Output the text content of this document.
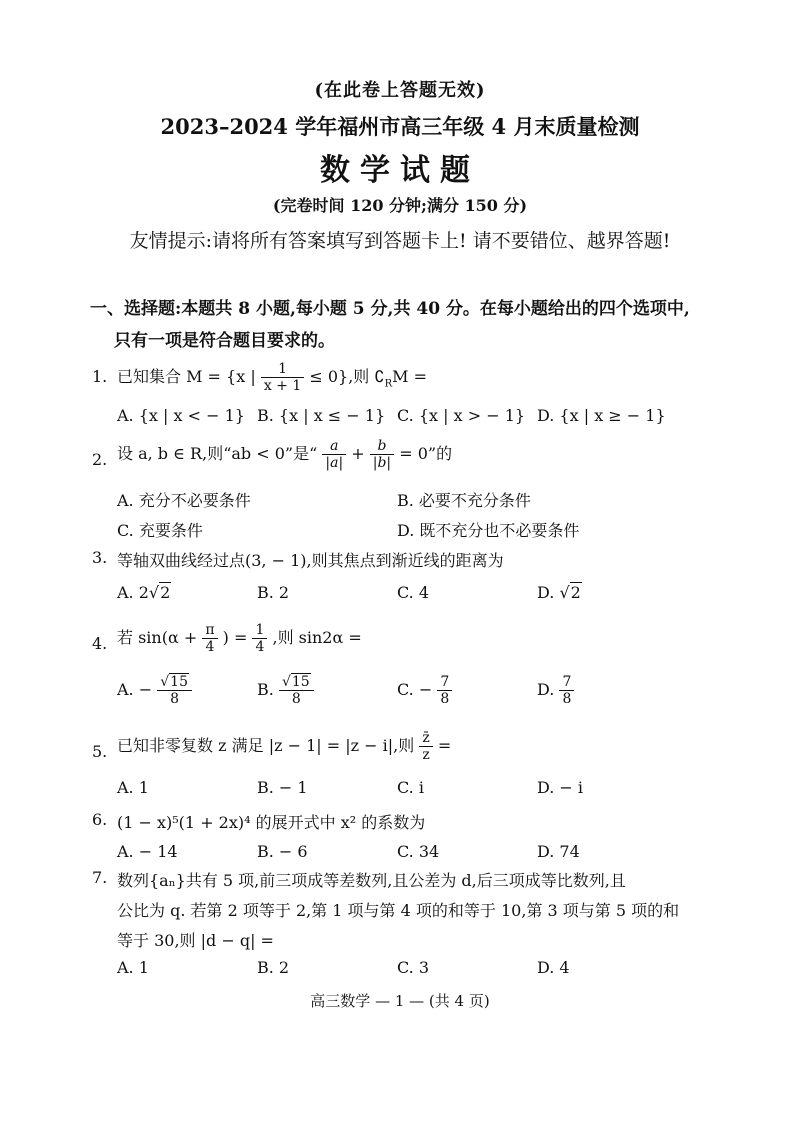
(在此卷上答题无效)
2023–2024 学年福州市高三年级 4 月末质量检测
数学试题
(完卷时间 120 分钟;满分 150 分)
友情提示:请将所有答案填写到答题卡上! 请不要错位、越界答题!
一、选择题:本题共 8 小题,每小题 5 分,共 40 分。在每小题给出的四个选项中,
只有一项是符合题目要求的。
1. 已知集合 M = {x | $\frac{1}{x + 1} \le 0$},则 $∁_RM$ =
A. {x | x < − 1} B. {x | x ≤ − 1} C. {x | x > − 1} D. {x | x ≥ − 1}
2. 设 a, b ∈ R,则“ab < 0”是“ $\frac{a}{|a|} + \frac{b}{|b|} = 0$”的
A. 充分不必要条件	B. 必要不充分条件
C. 充要条件	D. 既不充分也不必要条件
3. 等轴双曲线经过点(3, − 1),则其焦点到渐近线的距离为
A. 2√2	B. 2	C. 4	D. √2
4. 若 $\sin(\alpha + \frac{\pi}{4}$ ) = $\frac{1}{4}$ ,则 sin2α =
A. − $\frac{√15}{8}$	B. $\frac{√15}{8}$	C. − $\frac{7}{8}$	D. $\frac{7}{8}$
5. 已知非零复数 z 满足 |z − 1| = |z − i|,则 $\frac{z̄}{z}$ =
A. 1	B. − 1	C. i	D. − i
6. (1 − x)⁵(1 + 2x)⁴ 的展开式中 x² 的系数为
A. − 14	B. − 6	C. 34	D. 74
7. 数列{aₙ}共有 5 项,前三项成等差数列,且公差为 d,后三项成等比数列,且
公比为 q. 若第 2 项等于 2,第 1 项与第 4 项的和等于 10,第 3 项与第 5 项的和
等于 30,则 |d − q| =
A. 1	B. 2	C. 3	D. 4
高三数学 — 1 — (共 4 页)
